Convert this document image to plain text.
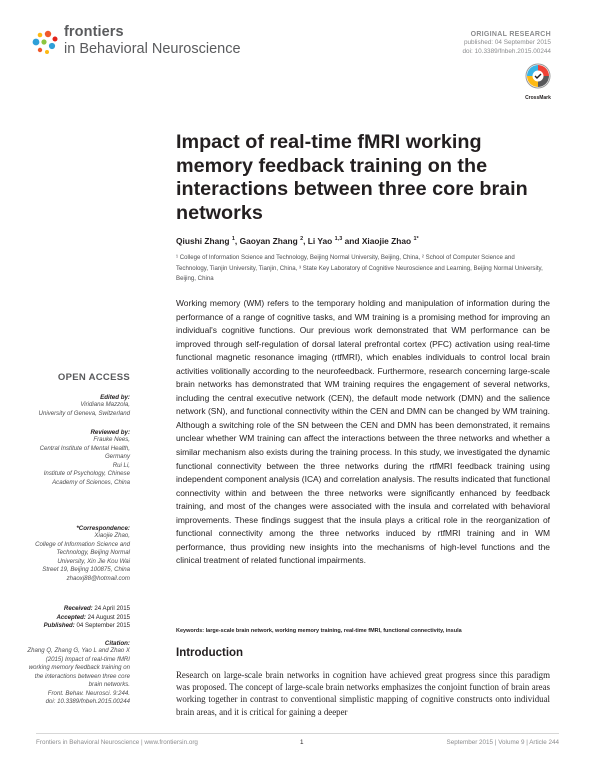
frontiers
in Behavioral Neuroscience
ORIGINAL RESEARCH
published: 04 September 2015
doi: 10.3389/fnbeh.2015.00244
CrossMark
Impact of real-time fMRI working memory feedback training on the interactions between three core brain networks
Qiushi Zhang $^1$, Gaoyan Zhang $^2$, Li Yao $^{1,3}$ and Xiaojie Zhao $^{1*}$
¹ College of Information Science and Technology, Beijing Normal University, Beijing, China, ² School of Computer Science and Technology, Tianjin University, Tianjin, China, ³ State Key Laboratory of Cognitive Neuroscience and Learning, Beijing Normal University, Beijing, China
Working memory (WM) refers to the temporary holding and manipulation of information during the performance of a range of cognitive tasks, and WM training is a promising method for improving an individual's cognitive functions. Our previous work demonstrated that WM performance can be improved through self-regulation of dorsal lateral prefrontal cortex (PFC) activation using real-time functional magnetic resonance imaging (rtfMRI), which enables individuals to control local brain activities volitionally according to the neurofeedback. Furthermore, research concerning large-scale brain networks has demonstrated that WM training requires the engagement of several networks, including the central executive network (CEN), the default mode network (DMN) and the salience network (SN), and functional connectivity within the CEN and DMN can be changed by WM training. Although a switching role of the SN between the CEN and DMN has been demonstrated, it remains unclear whether WM training can affect the interactions between the three networks and whether a similar mechanism also exists during the training process. In this study, we investigated the dynamic functional connectivity between the three networks during the rtfMRI feedback training using independent component analysis (ICA) and correlation analysis. The results indicated that functional connectivity within and between the three networks were significantly enhanced by feedback training, and most of the changes were associated with the insula and correlated with behavioral improvements. These findings suggest that the insula plays a critical role in the reorganization of functional connectivity among the three networks induced by rtfMRI training and in WM performance, thus providing new insights into the mechanisms of high-level functions and the clinical treatment of related functional impairments.
Keywords: large-scale brain network, working memory training, real-time fMRI, functional connectivity, insula
Introduction
Research on large-scale brain networks in cognition have achieved great progress since this paradigm was proposed. The concept of large-scale brain networks emphasizes the conjoint function of brain areas working together in contrast to conventional simplistic mapping of cognitive constructs onto individual brain areas, and it is critical for gaining a deeper
OPEN ACCESS
Edited by:
Viridiana Mazzola,
University of Geneva, Switzerland
Reviewed by:
Frauke Nees,
Central Institute of Mental Health,
Germany
Rui Li,
Institute of Psychology, Chinese
Academy of Sciences, China
*Correspondence:
Xiaojie Zhao,
College of Information Science and
Technology, Beijing Normal
University, Xin Jie Kou Wai
Street 19, Beijing 100875, China
zhaoxj88@hotmail.com
Received: 24 April 2015
Accepted: 24 August 2015
Published: 04 September 2015
Citation:
Zhang Q, Zhang G, Yao L and Zhao X
(2015) Impact of real-time fMRI
working memory feedback training on
the interactions between three core
brain networks.
Front. Behav. Neurosci. 9:244.
doi: 10.3389/fnbeh.2015.00244
Frontiers in Behavioral Neuroscience | www.frontiersin.org	1	September 2015 | Volume 9 | Article 244
